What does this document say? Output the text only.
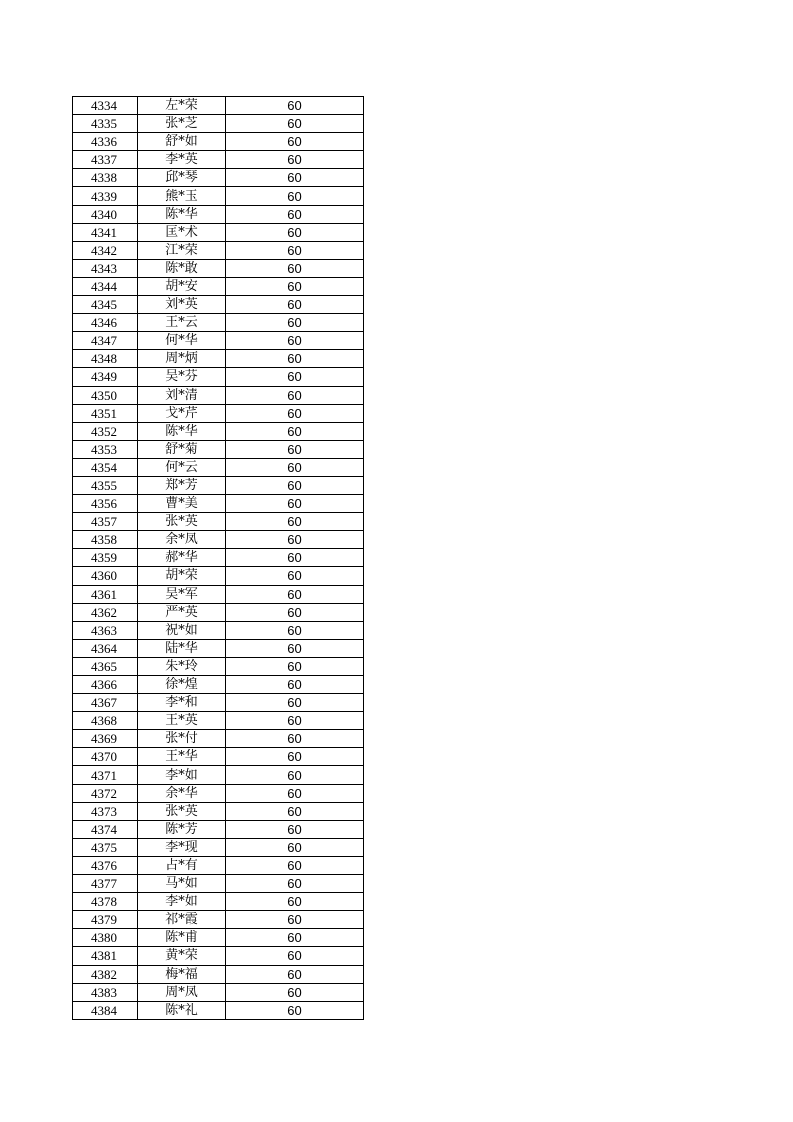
4334	左*荣	60
4335	张*芝	60
4336	舒*如	60
4337	李*英	60
4338	邱*琴	60
4339	熊*玉	60
4340	陈*华	60
4341	匡*术	60
4342	江*荣	60
4343	陈*敢	60
4344	胡*安	60
4345	刘*英	60
4346	王*云	60
4347	何*华	60
4348	周*炳	60
4349	吴*芬	60
4350	刘*清	60
4351	戈*芹	60
4352	陈*华	60
4353	舒*菊	60
4354	何*云	60
4355	郑*芳	60
4356	曹*美	60
4357	张*英	60
4358	余*凤	60
4359	郝*华	60
4360	胡*荣	60
4361	吴*军	60
4362	严*英	60
4363	祝*如	60
4364	陆*华	60
4365	朱*玲	60
4366	徐*煌	60
4367	李*和	60
4368	王*英	60
4369	张*付	60
4370	王*华	60
4371	李*如	60
4372	余*华	60
4373	张*英	60
4374	陈*芳	60
4375	李*现	60
4376	占*有	60
4377	马*如	60
4378	李*如	60
4379	祁*霞	60
4380	陈*甫	60
4381	黄*荣	60
4382	梅*福	60
4383	周*凤	60
4384	陈*礼	60
